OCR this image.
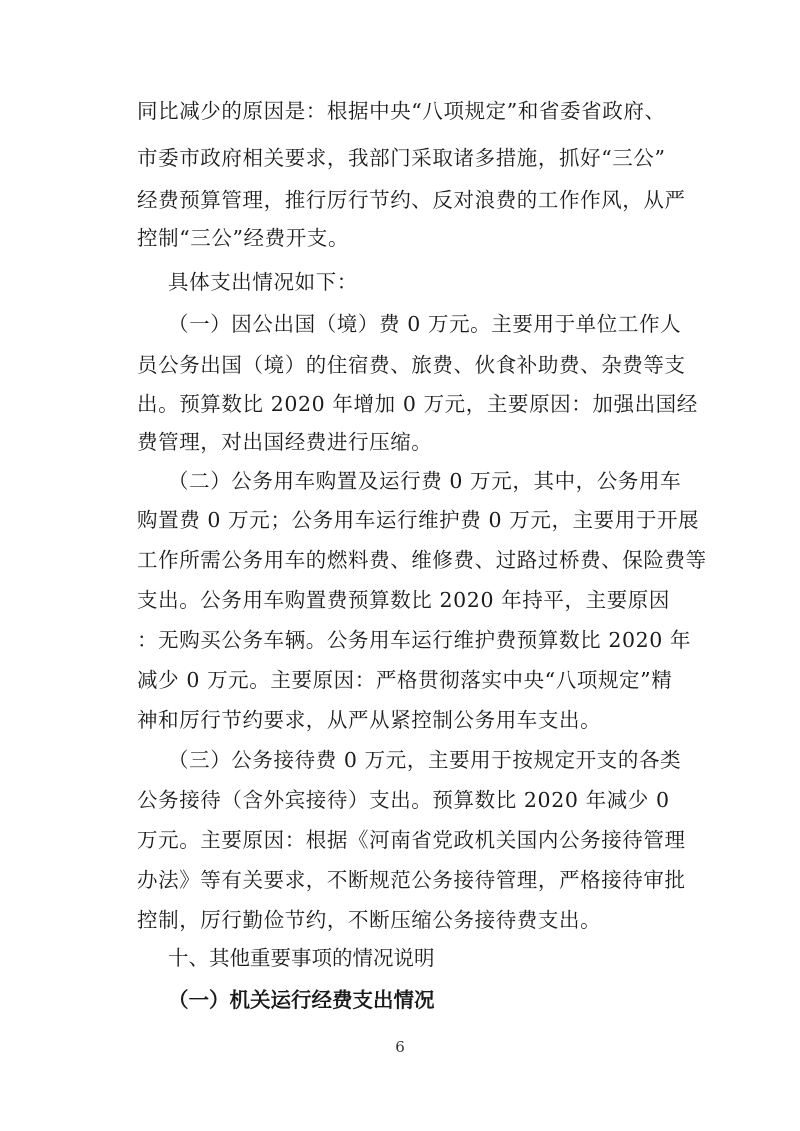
同比减少的原因是：根据中央“八项规定”和省委省政府、
市委市政府相关要求，我部门采取诸多措施，抓好“三公”
经费预算管理，推行厉行节约、反对浪费的工作作风，从严
控制“三公”经费开支。
具体支出情况如下：
（一）因公出国（境）费 0 万元。主要用于单位工作人
员公务出国（境）的住宿费、旅费、伙食补助费、杂费等支
出。预算数比 2020 年增加 0 万元，主要原因：加强出国经
费管理，对出国经费进行压缩。
（二）公务用车购置及运行费 0 万元，其中，公务用车
购置费 0 万元；公务用车运行维护费 0 万元，主要用于开展
工作所需公务用车的燃料费、维修费、过路过桥费、保险费等
支出。公务用车购置费预算数比 2020 年持平，主要原因
：无购买公务车辆。公务用车运行维护费预算数比 2020 年
减少 0 万元。主要原因：严格贯彻落实中央“八项规定”精
神和厉行节约要求，从严从紧控制公务用车支出。
（三）公务接待费 0 万元，主要用于按规定开支的各类
公务接待（含外宾接待）支出。预算数比 2020 年减少 0
万元。主要原因：根据《河南省党政机关国内公务接待管理
办法》等有关要求，不断规范公务接待管理，严格接待审批
控制，厉行勤俭节约，不断压缩公务接待费支出。
十、其他重要事项的情况说明
（一）机关运行经费支出情况
6
